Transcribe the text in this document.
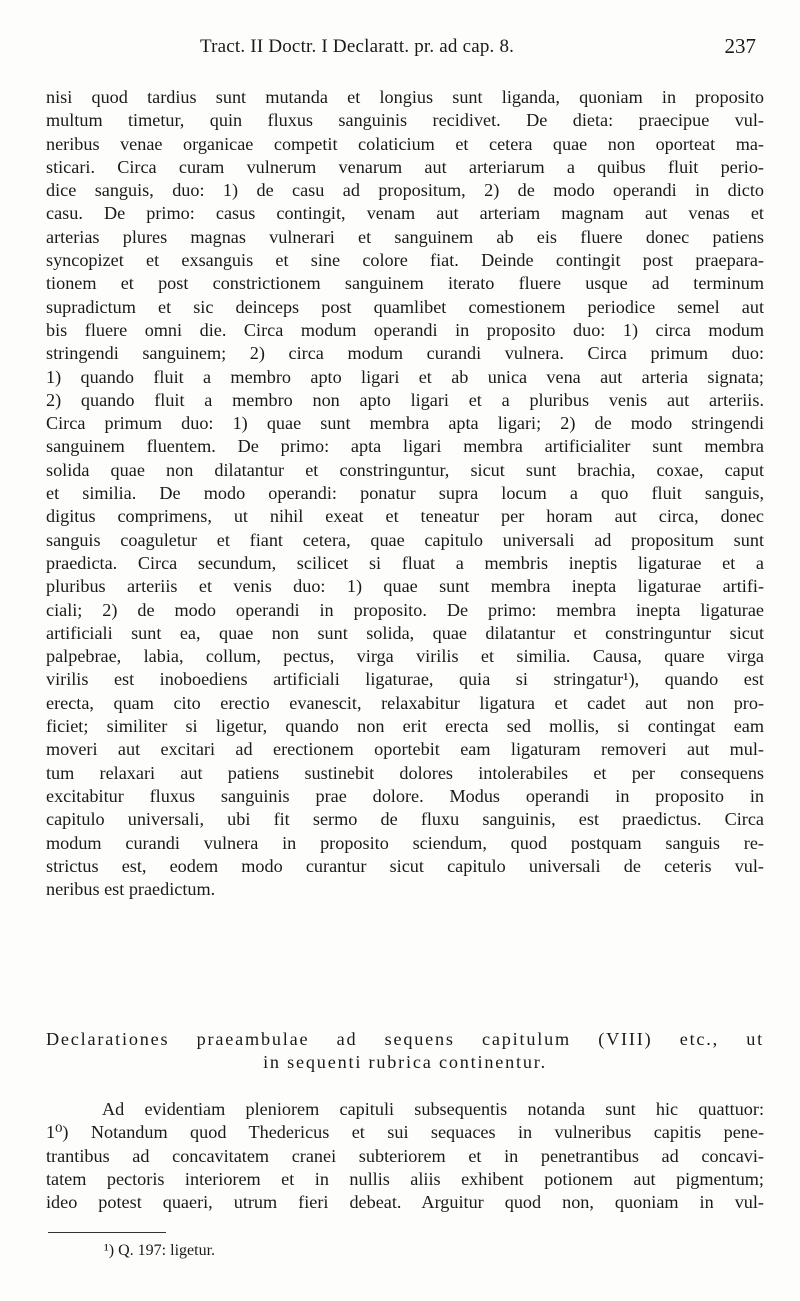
Tract. II Doctr. I Declaratt. pr. ad cap. 8.	237
nisi quod tardius sunt mutanda et longius sunt liganda, quoniam in proposito
multum timetur, quin fluxus sanguinis recidivet. De dieta: praecipue vul-
neribus venae organicae competit colaticium et cetera quae non oporteat ma-
sticari. Circa curam vulnerum venarum aut arteriarum a quibus fluit perio-
dice sanguis, duo: 1) de casu ad propositum, 2) de modo operandi in dicto
casu. De primo: casus contingit, venam aut arteriam magnam aut venas et
arterias plures magnas vulnerari et sanguinem ab eis fluere donec patiens
syncopizet et exsanguis et sine colore fiat. Deinde contingit post praepara-
tionem et post constrictionem sanguinem iterato fluere usque ad terminum
supradictum et sic deinceps post quamlibet comestionem periodice semel aut
bis fluere omni die. Circa modum operandi in proposito duo: 1) circa modum
stringendi sanguinem; 2) circa modum curandi vulnera. Circa primum duo:
1) quando fluit a membro apto ligari et ab unica vena aut arteria signata;
2) quando fluit a membro non apto ligari et a pluribus venis aut arteriis.
Circa primum duo: 1) quae sunt membra apta ligari; 2) de modo stringendi
sanguinem fluentem. De primo: apta ligari membra artificialiter sunt membra
solida quae non dilatantur et constringuntur, sicut sunt brachia, coxae, caput
et similia. De modo operandi: ponatur supra locum a quo fluit sanguis,
digitus comprimens, ut nihil exeat et teneatur per horam aut circa, donec
sanguis coaguletur et fiant cetera, quae capitulo universali ad propositum sunt
praedicta. Circa secundum, scilicet si fluat a membris ineptis ligaturae et a
pluribus arteriis et venis duo: 1) quae sunt membra inepta ligaturae artifi-
ciali; 2) de modo operandi in proposito. De primo: membra inepta ligaturae
artificiali sunt ea, quae non sunt solida, quae dilatantur et constringuntur sicut
palpebrae, labia, collum, pectus, virga virilis et similia. Causa, quare virga
virilis est inoboediens artificiali ligaturae, quia si stringatur¹), quando est
erecta, quam cito erectio evanescit, relaxabitur ligatura et cadet aut non pro-
ficiet; similiter si ligetur, quando non erit erecta sed mollis, si contingat eam
moveri aut excitari ad erectionem oportebit eam ligaturam removeri aut mul-
tum relaxari aut patiens sustinebit dolores intolerabiles et per consequens
excitabitur fluxus sanguinis prae dolore. Modus operandi in proposito in
capitulo universali, ubi fit sermo de fluxu sanguinis, est praedictus. Circa
modum curandi vulnera in proposito sciendum, quod postquam sanguis re-
strictus est, eodem modo curantur sicut capitulo universali de ceteris vul-
neribus est praedictum.
Declarationes praeambulae ad sequens capitulum (VIII) etc., ut
in sequenti rubrica continentur.
Ad evidentiam pleniorem capituli subsequentis notanda sunt hic quattuor:
1⁰) Notandum quod Thedericus et sui sequaces in vulneribus capitis pene-
trantibus ad concavitatem cranei subteriorem et in penetrantibus ad concavi-
tatem pectoris interiorem et in nullis aliis exhibent potionem aut pigmentum;
ideo potest quaeri, utrum fieri debeat. Arguitur quod non, quoniam in vul-
¹) Q. 197: ligetur.
